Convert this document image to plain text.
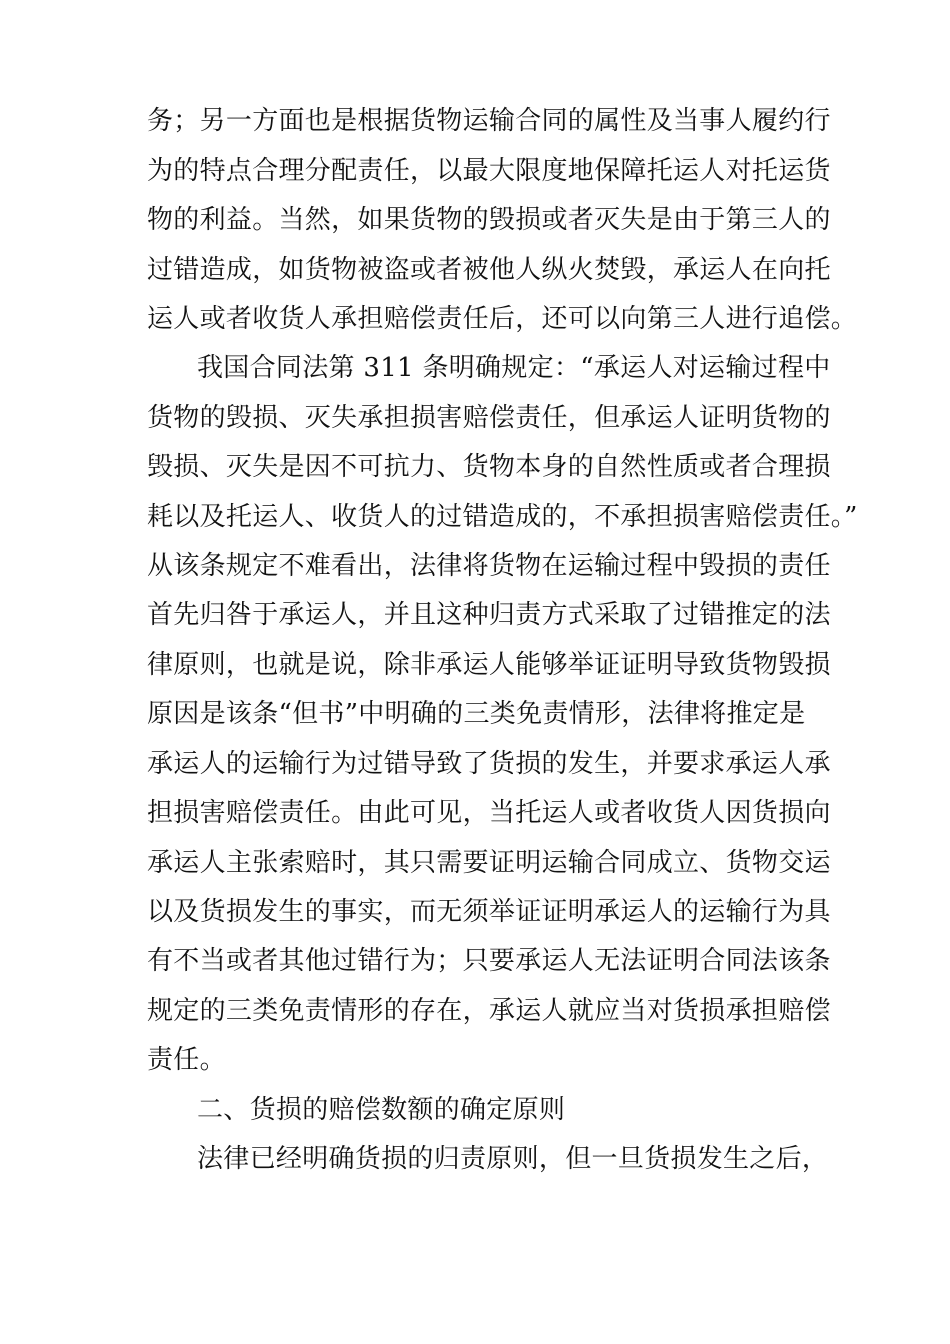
务；另一方面也是根据货物运输合同的属性及当事人履约行
为的特点合理分配责任，以最大限度地保障托运人对托运货
物的利益。当然，如果货物的毁损或者灭失是由于第三人的
过错造成，如货物被盗或者被他人纵火焚毁，承运人在向托
运人或者收货人承担赔偿责任后，还可以向第三人进行追偿。
我国合同法第 311 条明确规定：“承运人对运输过程中
货物的毁损、灭失承担损害赔偿责任，但承运人证明货物的
毁损、灭失是因不可抗力、货物本身的自然性质或者合理损
耗以及托运人、收货人的过错造成的，不承担损害赔偿责任。”
从该条规定不难看出，法律将货物在运输过程中毁损的责任
首先归咎于承运人，并且这种归责方式采取了过错推定的法
律原则，也就是说，除非承运人能够举证证明导致货物毁损
原因是该条“但书”中明确的三类免责情形，法律将推定是
承运人的运输行为过错导致了货损的发生，并要求承运人承
担损害赔偿责任。由此可见，当托运人或者收货人因货损向
承运人主张索赔时，其只需要证明运输合同成立、货物交运
以及货损发生的事实，而无须举证证明承运人的运输行为具
有不当或者其他过错行为；只要承运人无法证明合同法该条
规定的三类免责情形的存在，承运人就应当对货损承担赔偿
责任。
二、货损的赔偿数额的确定原则
法律已经明确货损的归责原则，但一旦货损发生之后，
